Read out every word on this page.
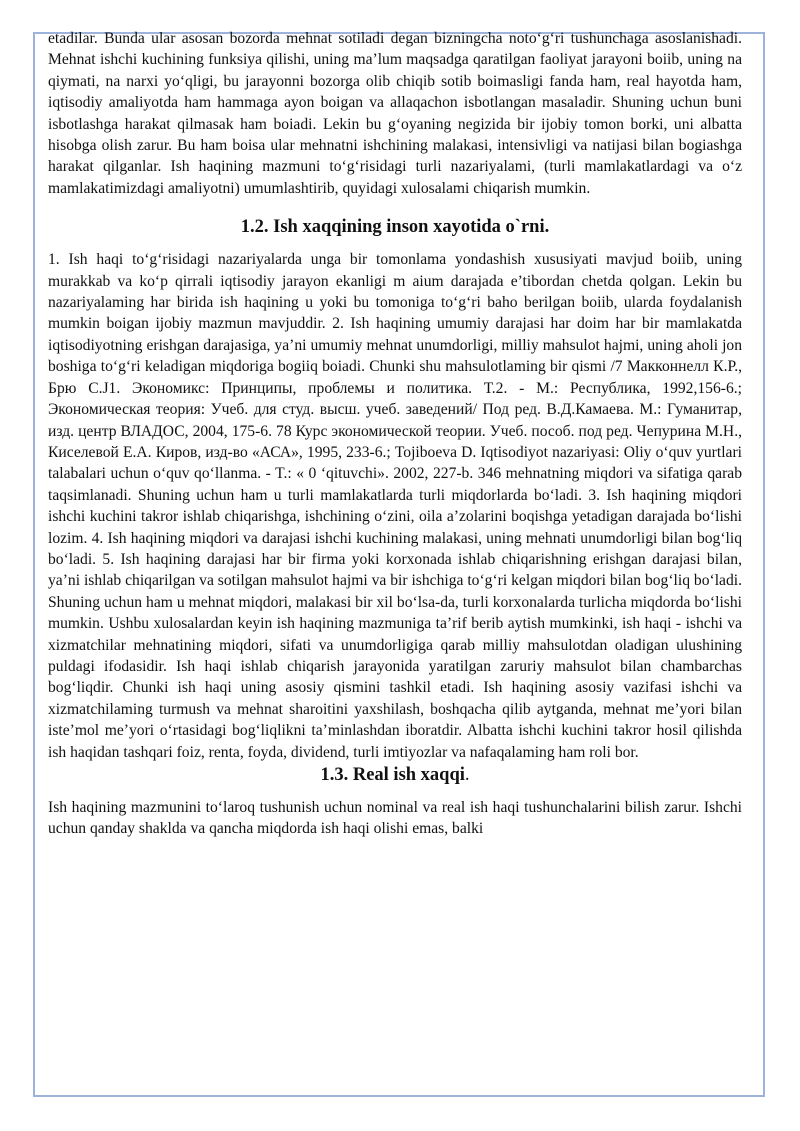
etadilar. Bunda ular asosan bozorda mehnat sotiladi degan bizningcha noto‘g‘ri tushunchaga asoslanishadi. Mehnat ishchi kuchining funksiya qilishi, uning ma’lum maqsadga qaratilgan faoliyat jarayoni boiib, uning na qiymati, na narxi yo‘qligi, bu jarayonni bozorga olib chiqib sotib boimasligi fanda ham, real hayotda ham, iqtisodiy amaliyotda ham hammaga ayon boigan va allaqachon isbotlangan masaladir. Shuning uchun buni isbotlashga harakat qilmasak ham boiadi. Lekin bu g‘oyaning negizida bir ijobiy tomon borki, uni albatta hisobga olish zarur. Bu ham boisa ular mehnatni ishchining malakasi, intensivligi va natijasi bilan bogiashga harakat qilganlar. Ish haqining mazmuni to‘g‘risidagi turli nazariyalami, (turli mamlakatlardagi va o‘z mamlakatimizdagi amaliyotni) umumlashtirib, quyidagi xulosalami chiqarish mumkin.

1.2. Ish xaqqining inson xayotida o`rni.

1. Ish haqi to‘g‘risidagi nazariyalarda unga bir tomonlama yondashish xususiyati mavjud boiib, uning murakkab va ko‘p qirrali iqtisodiy jarayon ekanligi m aium darajada e’tibordan chetda qolgan. Lekin bu nazariyalaming har birida ish haqining u yoki bu tomoniga to‘g‘ri baho berilgan boiib, ularda foydalanish mumkin boigan ijobiy mazmun mavjuddir. 2. Ish haqining umumiy darajasi har doim har bir mamlakatda iqtisodiyotning erishgan darajasiga, ya’ni umumiy mehnat unumdorligi, milliy mahsulot hajmi, uning aholi jon boshiga to‘g‘ri keladigan miqdoriga bogiiq boiadi. Chunki shu mahsulotlaming bir qismi /7 Макконнелл К.Р., Брю С.J1. Экономикс: Принципы, проблемы и политика. Т.2. - М.: Республика, 1992,156-6.; Экономическая теория: Учеб. для студ. высш. учеб. заведений/ Под ред. В.Д.Камаева. М.: Гуманитар, изд. центр ВЛАДОС, 2004, 175-6. 78 Курс экономической теории. Учеб. пособ. под ред. Чепурина М.Н., Киселевой Е.А. Киров, изд-во «АСА», 1995, 233-6.; Tojiboeva D. Iqtisodiyot nazariyasi: Oliy o‘quv yurtlari talabalari uchun o‘quv qo‘llanma. - T.: « 0 ‘qituvchi». 2002, 227-b. 346 mehnatning miqdori va sifatiga qarab taqsimlanadi. Shuning uchun ham u turli mamlakatlarda turli miqdorlarda bo‘ladi. 3. Ish haqining miqdori ishchi kuchini takror ishlab chiqarishga, ishchining o‘zini, oila a’zolarini boqishga yetadigan darajada bo‘lishi lozim. 4. Ish haqining miqdori va darajasi ishchi kuchining malakasi, uning mehnati unumdorligi bilan bog‘liq bo‘ladi. 5. Ish haqining darajasi har bir firma yoki korxonada ishlab chiqarishning erishgan darajasi bilan, ya’ni ishlab chiqarilgan va sotilgan mahsulot hajmi va bir ishchiga to‘g‘ri kelgan miqdori bilan bog‘liq bo‘ladi. Shuning uchun ham u mehnat miqdori, malakasi bir xil bo‘lsa-da, turli korxonalarda turlicha miqdorda bo‘lishi mumkin. Ushbu xulosalardan keyin ish haqining mazmuniga ta’rif berib aytish mumkinki, ish haqi - ishchi va xizmatchilar mehnatining miqdori, sifati va unumdorligiga qarab milliy mahsulotdan oladigan ulushining puldagi ifodasidir. Ish haqi ishlab chiqarish jarayonida yaratilgan zaruriy mahsulot bilan chambarchas bog‘liqdir. Chunki ish haqi uning asosiy qismini tashkil etadi. Ish haqining asosiy vazifasi ishchi va xizmatchilaming turmush va mehnat sharoitini yaxshilash, boshqacha qilib aytganda, mehnat me’yori bilan iste’mol me’yori o‘rtasidagi bog‘liqlikni ta’minlashdan iboratdir. Albatta ishchi kuchini takror hosil qilishda ish haqidan tashqari foiz, renta, foyda, dividend, turli imtiyozlar va nafaqalaming ham roli bor.

1.3. Real ish xaqqi.

Ish haqining mazmunini to‘laroq tushunish uchun nominal va real ish haqi tushunchalarini bilish zarur. Ishchi uchun qanday shaklda va qancha miqdorda ish haqi olishi emas, balki
